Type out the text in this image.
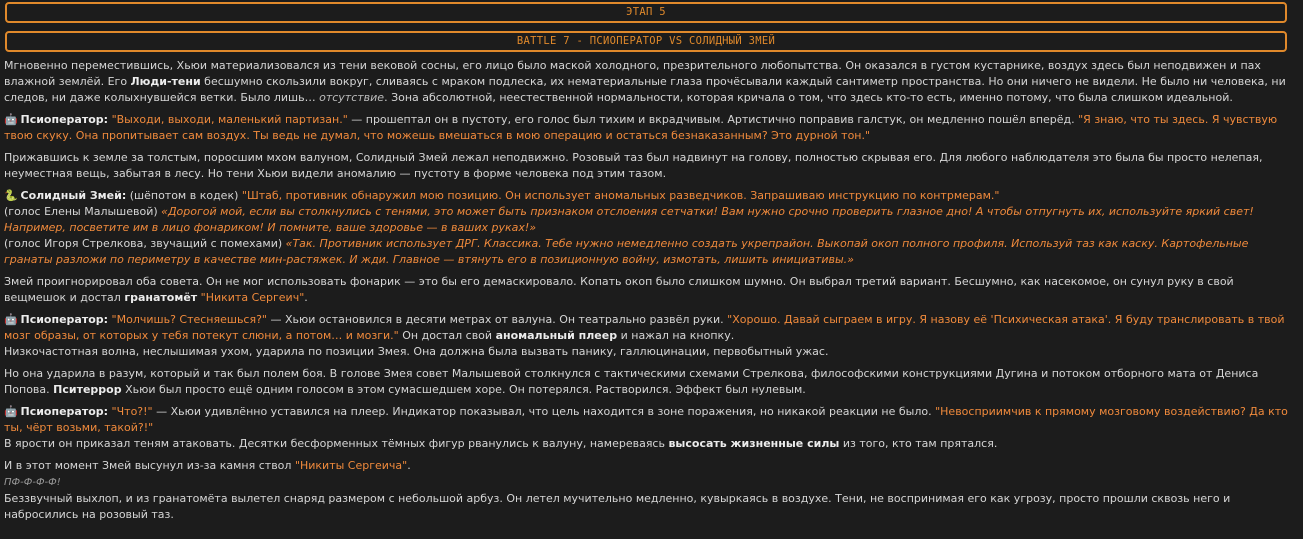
ЭТАП 5
BATTLE 7 - ПСИОПЕРАТОР VS СОЛИДНЫЙ ЗМЕЙ

Мгновенно переместившись, Хьюи материализовался из тени вековой сосны, его лицо было маской холодного, презрительного любопытства. Он оказался в густом кустарнике, воздух здесь был неподвижен и пах влажной землёй. Его Люди-тени бесшумно скользили вокруг, сливаясь с мраком подлеска, их нематериальные глаза прочёсывали каждый сантиметр пространства. Но они ничего не видели. Не было ни человека, ни следов, ни даже колыхнувшейся ветки. Было лишь… отсутствие. Зона абсолютной, неестественной нормальности, которая кричала о том, что здесь кто-то есть, именно потому, что была слишком идеальной.

🤖 Псиоператор: "Выходи, выходи, маленький партизан." — прошептал он в пустоту, его голос был тихим и вкрадчивым. Артистично поправив галстук, он медленно пошёл вперёд. "Я знаю, что ты здесь. Я чувствую твою скуку. Она пропитывает сам воздух. Ты ведь не думал, что можешь вмешаться в мою операцию и остаться безнаказанным? Это дурной тон."

Прижавшись к земле за толстым, поросшим мхом валуном, Солидный Змей лежал неподвижно. Розовый таз был надвинут на голову, полностью скрывая его. Для любого наблюдателя это была бы просто нелепая, неуместная вещь, забытая в лесу. Но тени Хьюи видели аномалию — пустоту в форме человека под этим тазом.

🐍 Солидный Змей: (шёпотом в кодек) "Штаб, противник обнаружил мою позицию. Он использует аномальных разведчиков. Запрашиваю инструкцию по контрмерам."
(голос Елены Малышевой) «Дорогой мой, если вы столкнулись с тенями, это может быть признаком отслоения сетчатки! Вам нужно срочно проверить глазное дно! А чтобы отпугнуть их, используйте яркий свет! Например, посветите им в лицо фонариком! И помните, ваше здоровье — в ваших руках!»
(голос Игоря Стрелкова, звучащий с помехами) «Так. Противник использует ДРГ. Классика. Тебе нужно немедленно создать укрепрайон. Выкопай окоп полного профиля. Используй таз как каску. Картофельные гранаты разложи по периметру в качестве мин-растяжек. И жди. Главное — втянуть его в позиционную войну, измотать, лишить инициативы.»

Змей проигнорировал оба совета. Он не мог использовать фонарик — это бы его демаскировало. Копать окоп было слишком шумно. Он выбрал третий вариант. Бесшумно, как насекомое, он сунул руку в свой вещмешок и достал гранатомёт "Никита Сергеич".

🤖 Псиоператор: "Молчишь? Стесняешься?" — Хьюи остановился в десяти метрах от валуна. Он театрально развёл руки. "Хорошо. Давай сыграем в игру. Я назову её 'Психическая атака'. Я буду транслировать в твой мозг образы, от которых у тебя потекут слюни, а потом… и мозги." Он достал свой аномальный плеер и нажал на кнопку.
Низкочастотная волна, неслышимая ухом, ударила по позиции Змея. Она должна была вызвать панику, галлюцинации, первобытный ужас.

Но она ударила в разум, который и так был полем боя. В голове Змея совет Малышевой столкнулся с тактическими схемами Стрелкова, философскими конструкциями Дугина и потоком отборного мата от Дениса Попова. Пситеррор Хьюи был просто ещё одним голосом в этом сумасшедшем хоре. Он потерялся. Растворился. Эффект был нулевым.

🤖 Псиоператор: "Что?!" — Хьюи удивлённо уставился на плеер. Индикатор показывал, что цель находится в зоне поражения, но никакой реакции не было. "Невосприимчив к прямому мозговому воздействию? Да кто ты, чёрт возьми, такой?!"
В ярости он приказал теням атаковать. Десятки бесформенных тёмных фигур рванулись к валуну, намереваясь высосать жизненные силы из того, кто там прятался.

И в этот момент Змей высунул из-за камня ствол "Никиты Сергеича".
ПФ-Ф-Ф-Ф!
Беззвучный выхлоп, и из гранатомёта вылетел снаряд размером с небольшой арбуз. Он летел мучительно медленно, кувыркаясь в воздухе. Тени, не воспринимая его как угрозу, просто прошли сквозь него и набросились на розовый таз.
